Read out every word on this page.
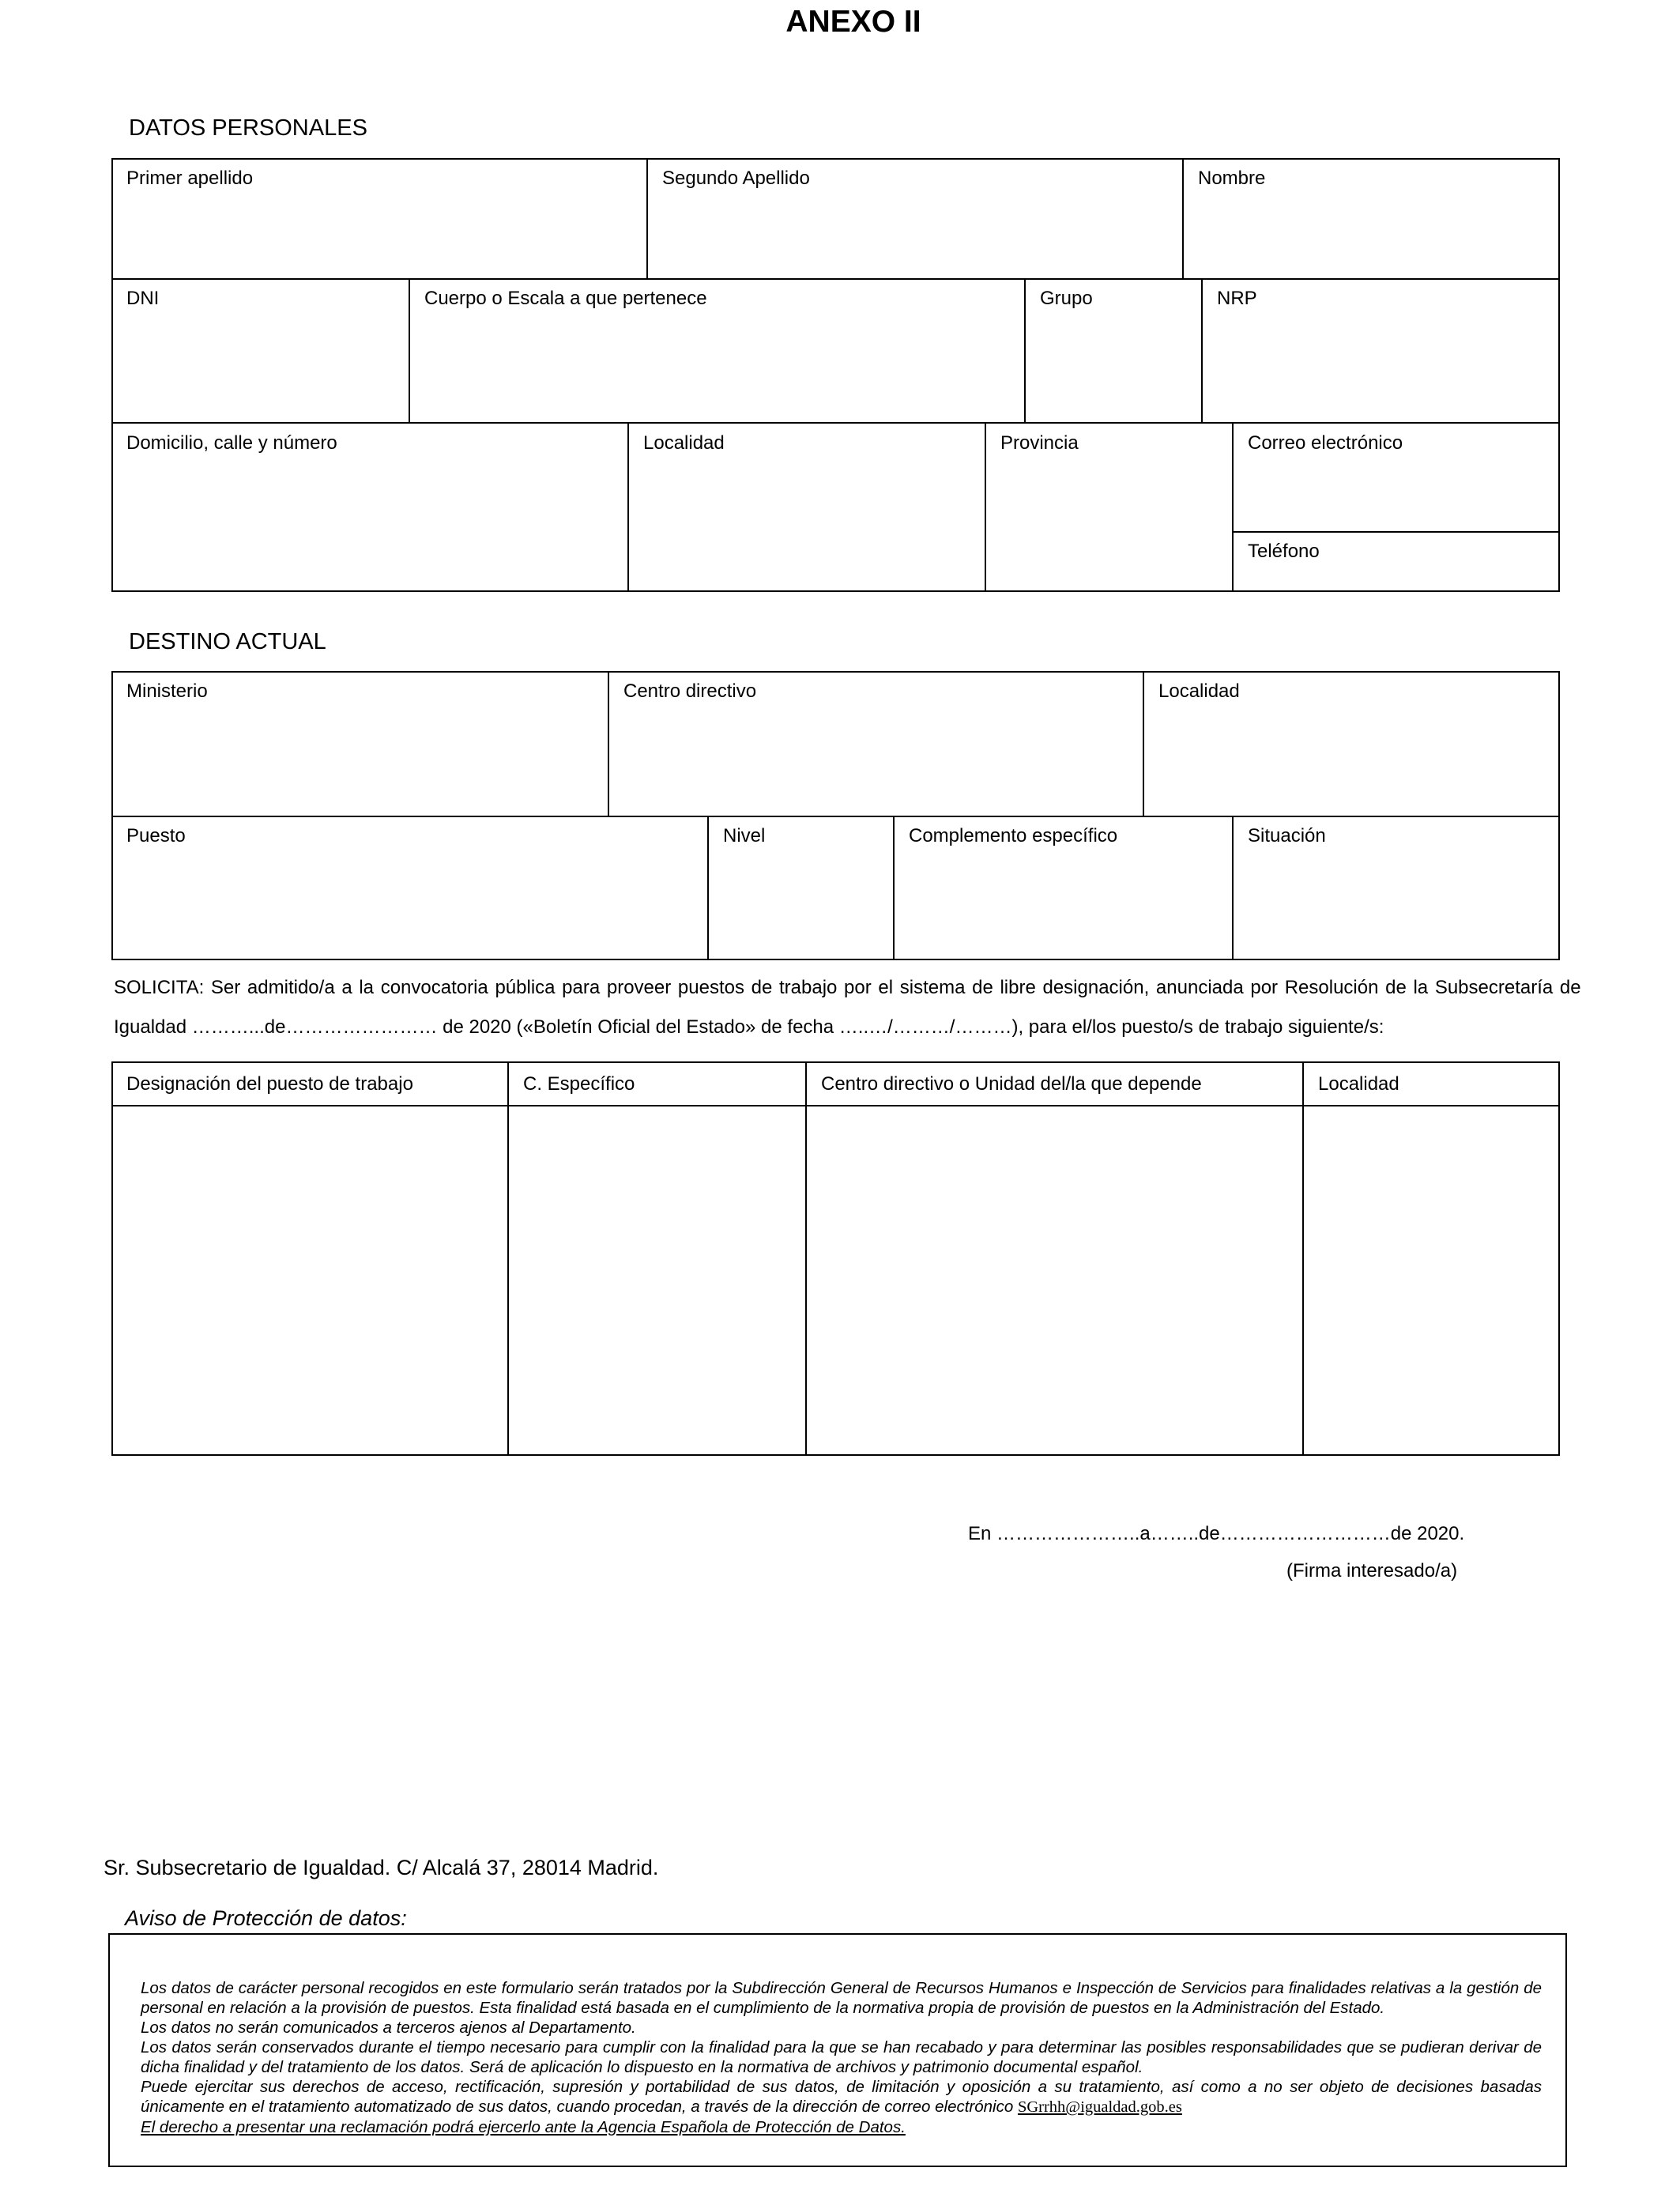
ANEXO II
DATOS PERSONALES
Primer apellido	Segundo Apellido	Nombre
DNI	Cuerpo o Escala a que pertenece	Grupo	NRP
Domicilio, calle y número	Localidad	Provincia	Correo electrónico
Teléfono
DESTINO ACTUAL
Ministerio	Centro directivo	Localidad
Puesto	Nivel	Complemento específico	Situación
SOLICITA: Ser admitido/a a la convocatoria pública para proveer puestos de trabajo por el sistema de libre designación, anunciada por Resolución de la Subsecretaría de
Igualdad ………...de…………………… de 2020 («Boletín Oficial del Estado» de fecha …..…/………/………), para el/los puesto/s de trabajo siguiente/s:
Designación del puesto de trabajo	C. Específico	Centro directivo o Unidad del/la que depende	Localidad
En …………………..a……..de………………………de 2020.
(Firma interesado/a)
Sr. Subsecretario de Igualdad. C/ Alcalá 37, 28014 Madrid.
Aviso de Protección de datos:

Los datos de carácter personal recogidos en este formulario serán tratados por la Subdirección General de Recursos Humanos e Inspección de Servicios para finalidades relativas a la gestión de personal en relación a la provisión de puestos. Esta finalidad está basada en el cumplimiento de la normativa propia de provisión de puestos en la Administración del Estado.

Los datos no serán comunicados a terceros ajenos al Departamento.

Los datos serán conservados durante el tiempo necesario para cumplir con la finalidad para la que se han recabado y para determinar las posibles responsabilidades que se pudieran derivar de dicha finalidad y del tratamiento de los datos. Será de aplicación lo dispuesto en la normativa de archivos y patrimonio documental español.

Puede ejercitar sus derechos de acceso, rectificación, supresión y portabilidad de sus datos, de limitación y oposición a su tratamiento, así como a no ser objeto de decisiones basadas únicamente en el tratamiento automatizado de sus datos, cuando procedan, a través de la dirección de correo electrónico SGrrhh@igualdad.gob.es

El derecho a presentar una reclamación podrá ejercerlo ante la Agencia Española de Protección de Datos.
